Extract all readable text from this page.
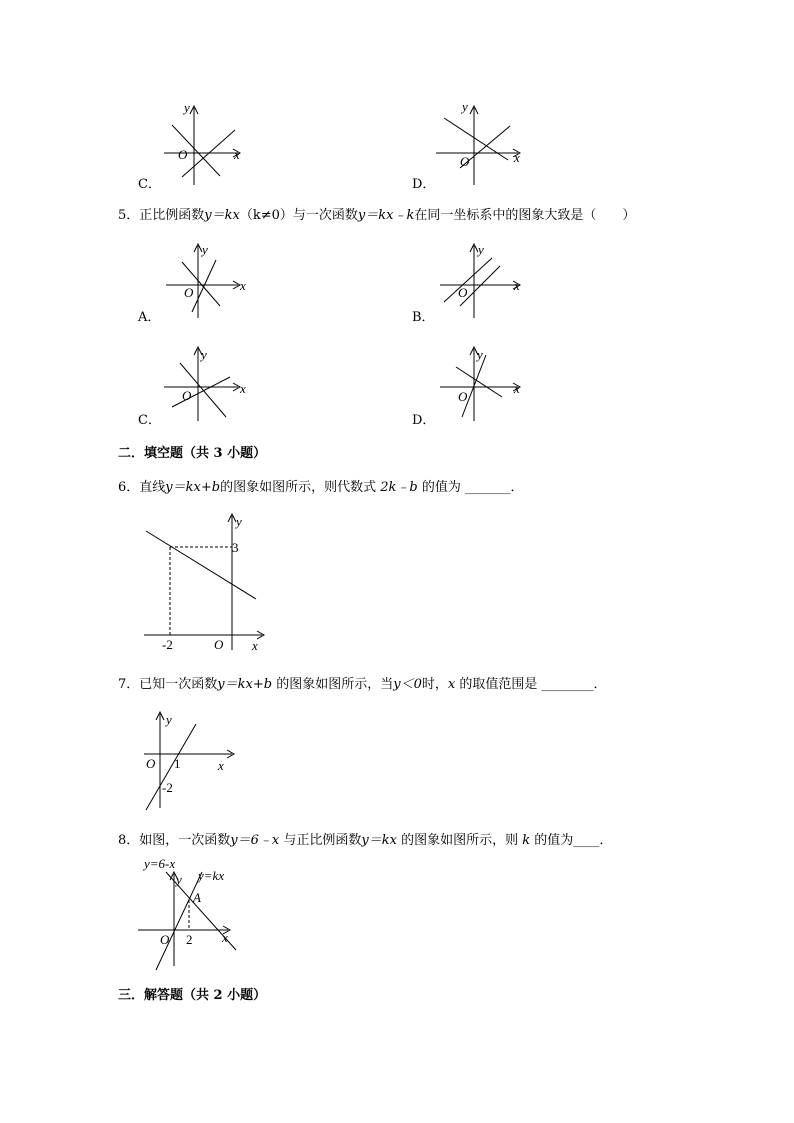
y
O	x
C．
y
O	x
D．
5．正比例函数y＝kx（k≠0）与一次函数y＝kx﹣k在同一坐标系中的图象大致是（　　）
y
O	x
A．
y
O	x
B．
y
O	x
C．
y
O
x
D．
二．填空题（共 3 小题）
6．直线y＝kx+b的图象如图所示，则代数式 2k﹣b 的值为 _______．
y
3
-2	O x
7．已知一次函数y＝kx+b 的图象如图所示，当y＜0时，x 的取值范围是 ________．
y
O 1
-2
x
8．如图，一次函数y＝6﹣x 与正比例函数y＝kx 的图象如图所示，则 k 的值为____．
y=6-x
y y=kx
A
O 2 x
三．解答题（共 2 小题）
